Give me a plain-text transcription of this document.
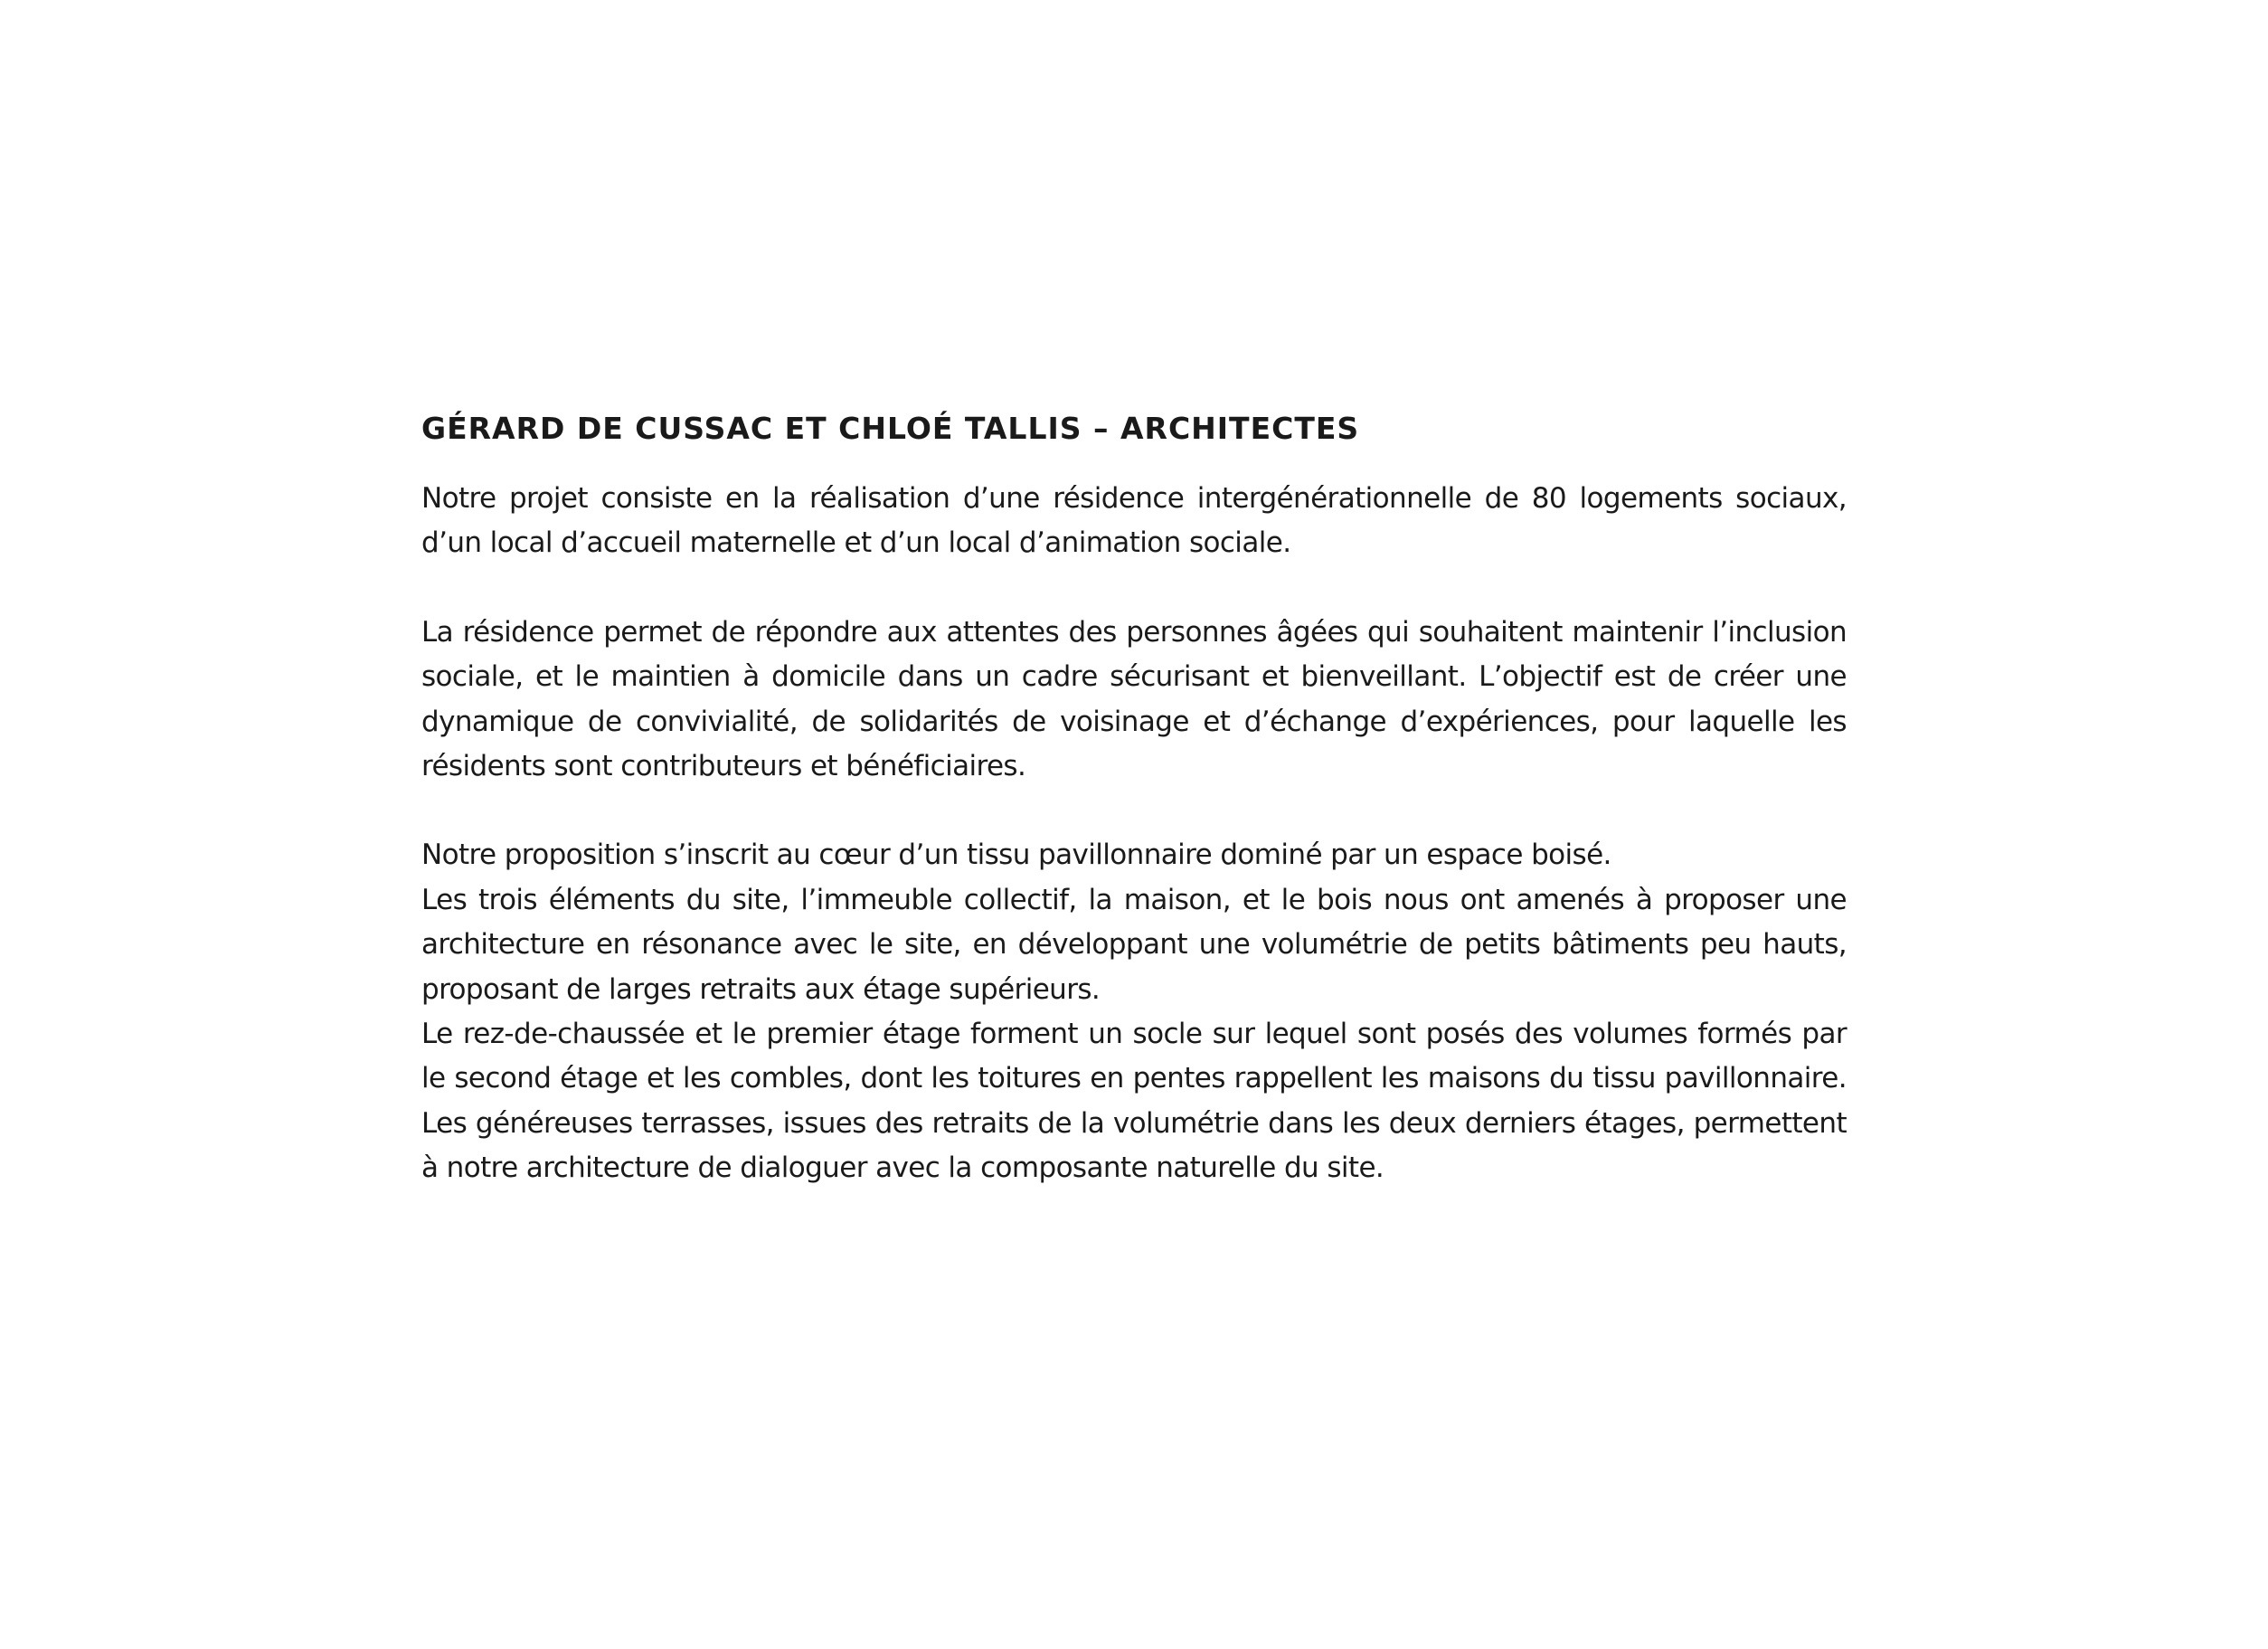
GÉRARD DE CUSSAC ET CHLOÉ TALLIS – ARCHITECTES

Notre projet consiste en la réalisation d’une résidence intergénérationnelle de 80 logements sociaux, d’un local d’accueil maternelle et d’un local d’animation sociale.

La résidence permet de répondre aux attentes des personnes âgées qui souhaitent maintenir l’inclusion sociale, et le maintien à domicile dans un cadre sécurisant et bienveillant. L’objectif est de créer une dynamique de convivialité, de solidarités de voisinage et d’échange d’expériences, pour laquelle les résidents sont contributeurs et bénéficiaires.

Notre proposition s’inscrit au cœur d’un tissu pavillonnaire dominé par un espace boisé.

Les trois éléments du site, l’immeuble collectif, la maison, et le bois nous ont amenés à proposer une architecture en résonance avec le site, en développant une volumétrie de petits bâtiments peu hauts, proposant de larges retraits aux étage supérieurs.

Le rez-de-chaussée et le premier étage forment un socle sur lequel sont posés des volumes formés par le second étage et les combles, dont les toitures en pentes rappellent les maisons du tissu pavillonnaire. Les généreuses terrasses, issues des retraits de la volumétrie dans les deux derniers étages, permettent à notre architecture de dialoguer avec la composante naturelle du site.
